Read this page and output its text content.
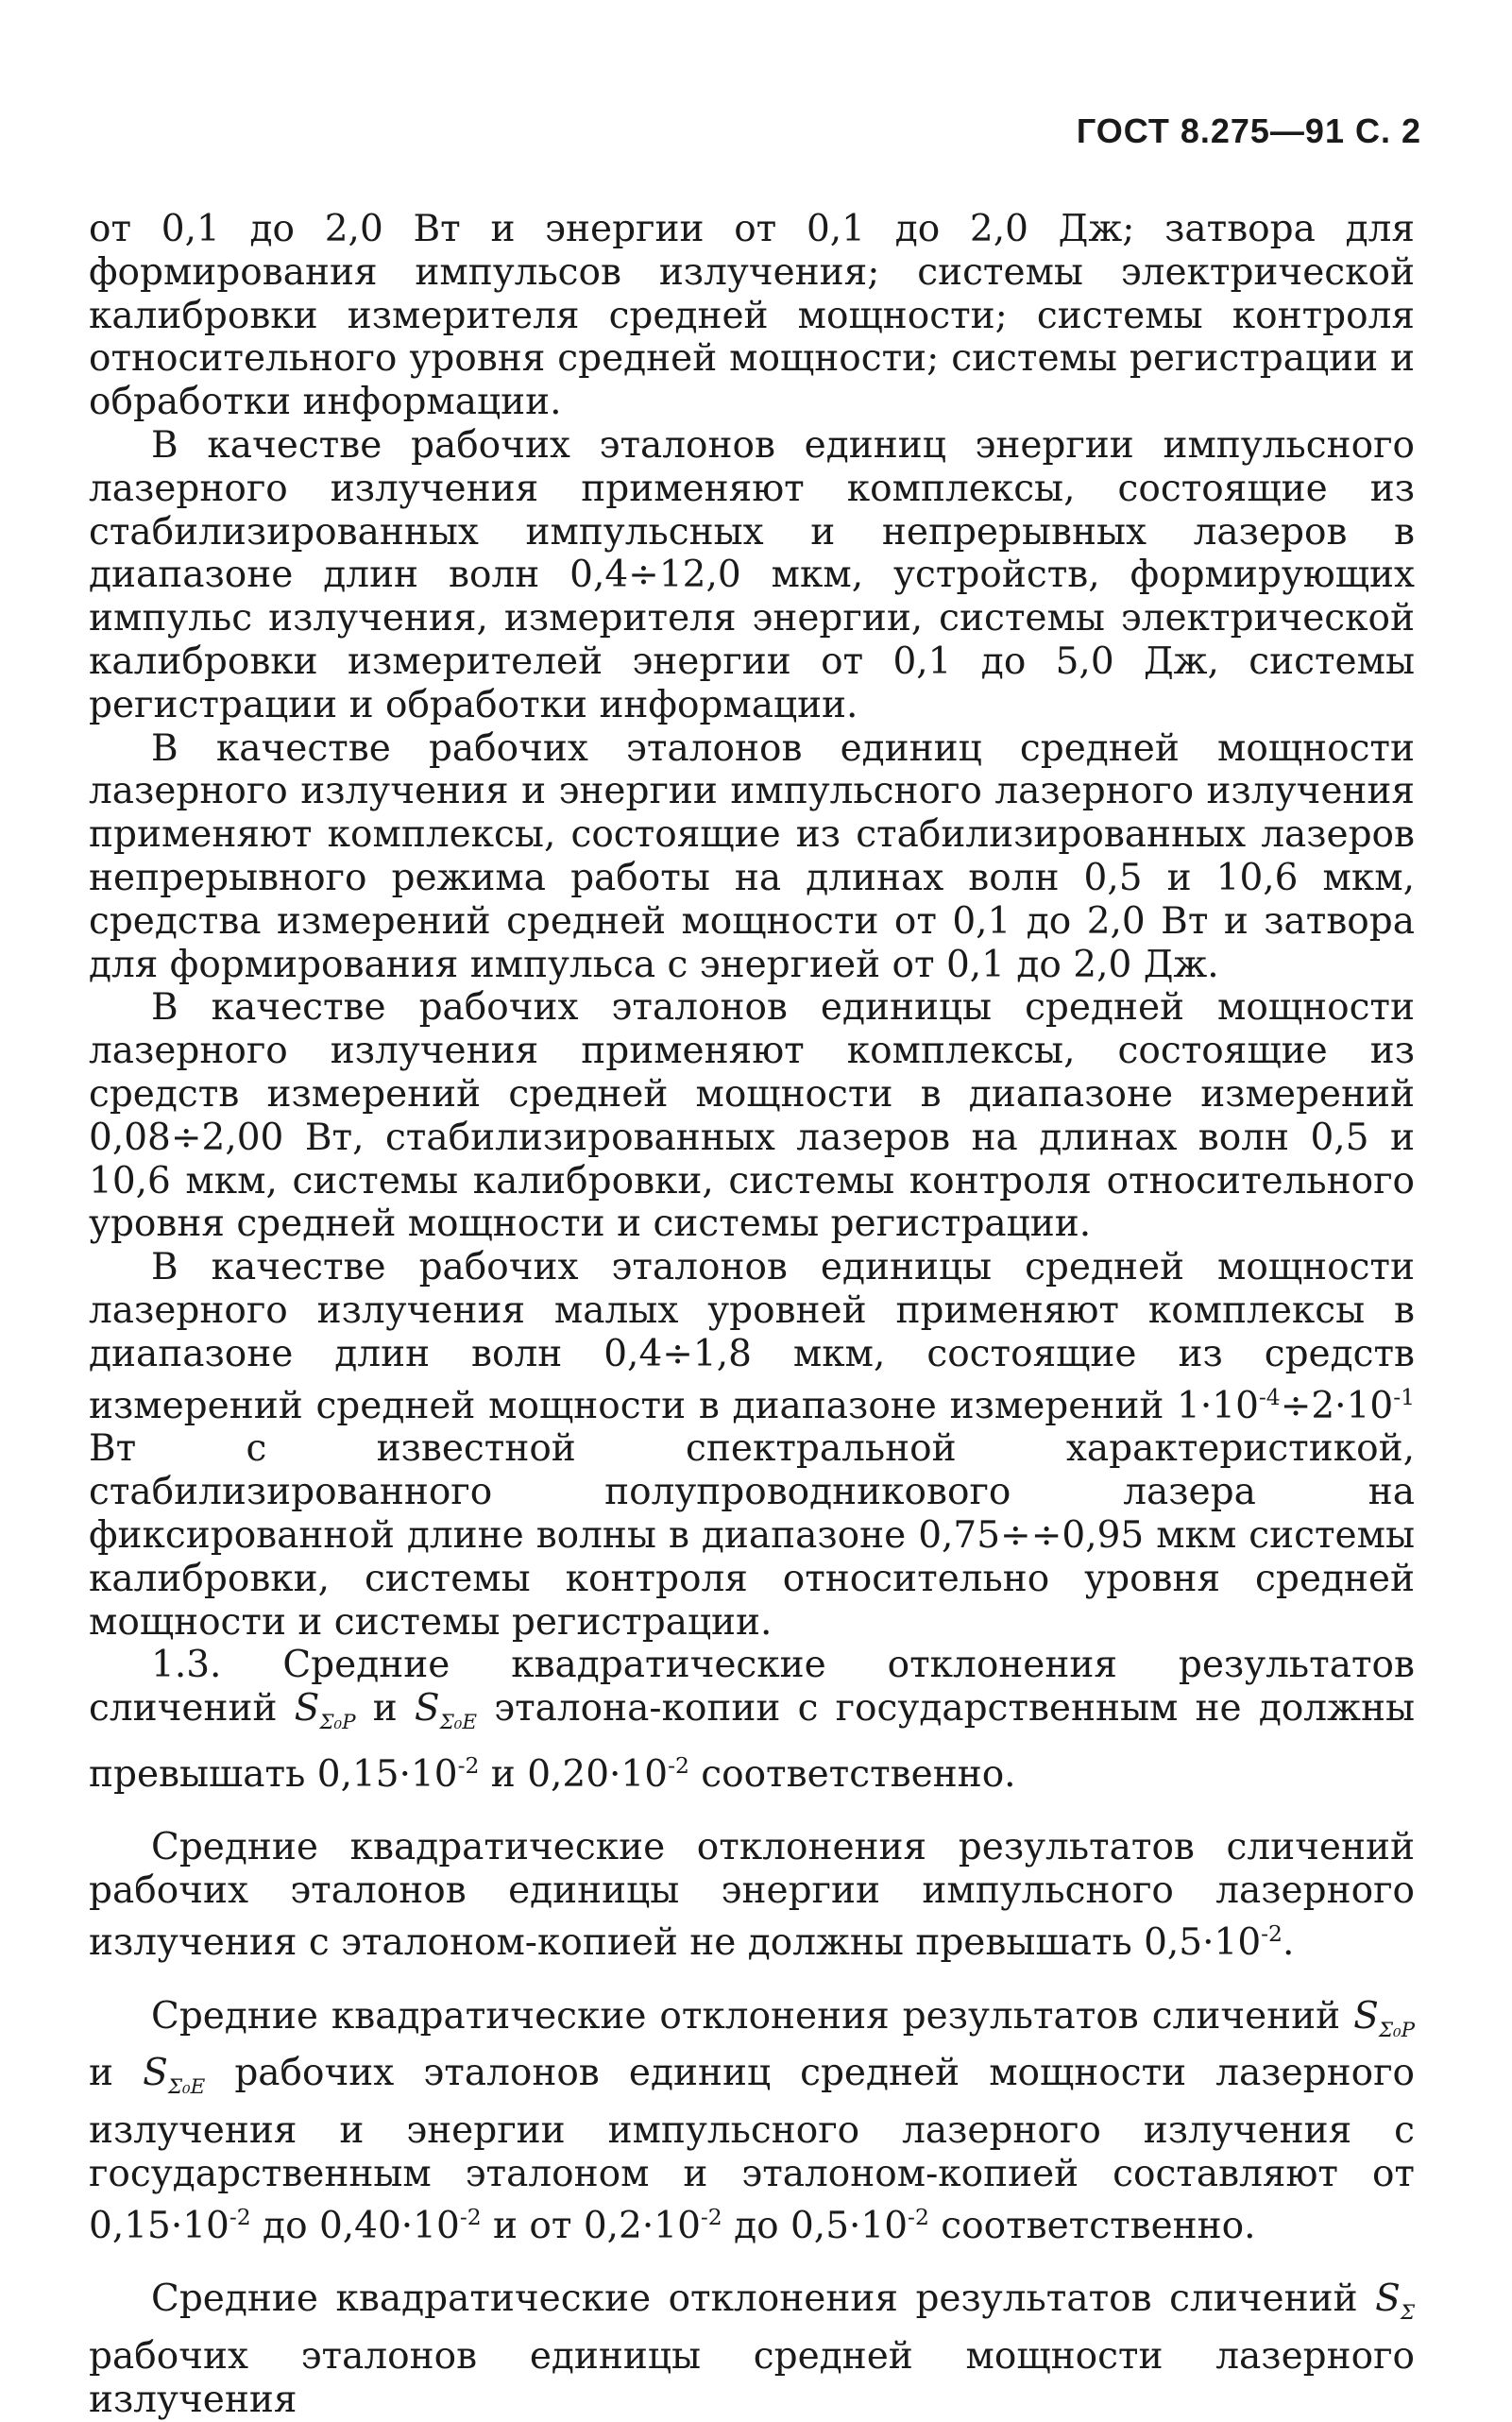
ГОСТ 8.275—91 С. 2

от 0,1 до 2,0 Вт и энергии от 0,1 до 2,0 Дж; затвора для формирования импульсов излучения; системы электрической калибровки измерителя средней мощности; системы контроля относительного уровня средней мощности; системы регистрации и обработки информации.

В качестве рабочих эталонов единиц энергии импульсного лазерного излучения применяют комплексы, состоящие из стабилизированных импульсных и непрерывных лазеров в диапазоне длин волн 0,4÷12,0 мкм, устройств, формирующих импульс излучения, измерителя энергии, системы электрической калибровки измерителей энергии от 0,1 до 5,0 Дж, системы регистрации и обработки информации.

В качестве рабочих эталонов единиц средней мощности лазерного излучения и энергии импульсного лазерного излучения применяют комплексы, состоящие из стабилизированных лазеров непрерывного режима работы на длинах волн 0,5 и 10,6 мкм, средства измерений средней мощности от 0,1 до 2,0 Вт и затвора для формирования импульса с энергией от 0,1 до 2,0 Дж.

В качестве рабочих эталонов единицы средней мощности лазерного излучения применяют комплексы, состоящие из средств измерений средней мощности в диапазоне измерений 0,08÷2,00 Вт, стабилизированных лазеров на длинах волн 0,5 и 10,6 мкм, системы калибровки, системы контроля относительного уровня средней мощности и системы регистрации.

В качестве рабочих эталонов единицы средней мощности лазерного излучения малых уровней применяют комплексы в диапазоне длин волн 0,4÷1,8 мкм, состоящие из средств измерений средней мощности в диапазоне измерений $1\cdot 10^{-4}\div 2\cdot 10^{-1}$ Вт с известной спектральной характеристикой, стабилизированного полупроводникового лазера на фиксированной длине волны в диапазоне 0,75÷÷0,95 мкм системы калибровки, системы контроля относительно уровня средней мощности и системы регистрации.

1.3. Средние квадратические отклонения результатов сличений $S_{\Sigma_0P}$ и $S_{\Sigma_0E}$ эталона-копии с государственным не должны превышать $0,15\cdot 10^{-2}$ и $0,20\cdot 10^{-2}$ соответственно.

Средние квадратические отклонения результатов сличений рабочих эталонов единицы энергии импульсного лазерного излучения с эталоном-копией не должны превышать $0,5\cdot 10^{-2}$.

Средние квадратические отклонения результатов сличений $S_{\Sigma_0P}$ и $S_{\Sigma_0E}$ рабочих эталонов единиц средней мощности лазерного излучения и энергии импульсного лазерного излучения с государственным эталоном и эталоном-копией составляют от $0,15\cdot 10^{-2}$ до $0,40\cdot 10^{-2}$ и от $0,2\cdot 10^{-2}$ до $0,5\cdot 10^{-2}$ соответственно.

Средние квадратические отклонения результатов сличений $S_\Sigma$ рабочих эталонов единицы средней мощности лазерного излучения
